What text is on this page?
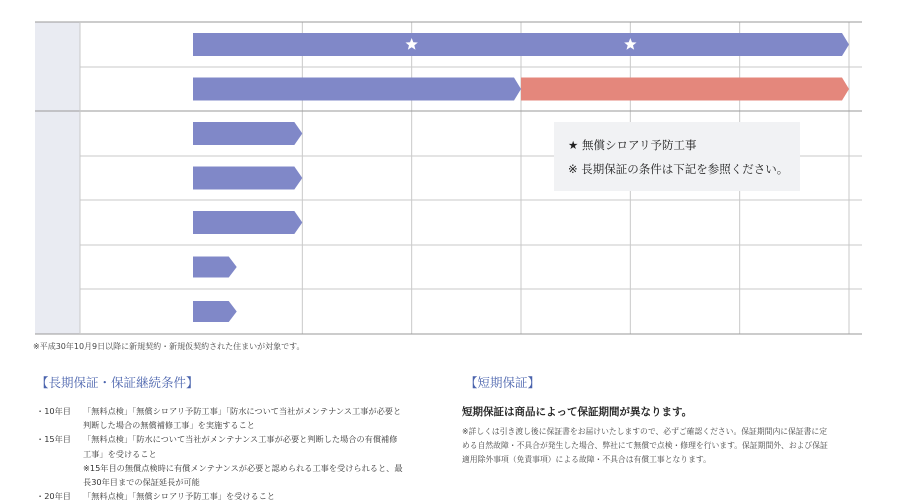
★ 無償シロアリ予防工事
※ 長期保証の条件は下記を参照ください。
※平成30年10月9日以降に新規契約・新規仮契約された住まいが対象です。
【長期保証・保証継続条件】
・10年目	「無料点検」「無償シロアリ予防工事」「防水について当社がメンテナンス工事が必要と
判断した場合の無償補修工事」を実施すること
・15年目	「無料点検」「防水について当社がメンテナンス工事が必要と判断した場合の有償補修
工事」を受けること
※15年目の無償点検時に有償メンテナンスが必要と認められる工事を受けられると、最
長30年目までの保証延長が可能
・20年目	「無料点検」「無償シロアリ予防工事」を受けること
【短期保証】
短期保証は商品によって保証期間が異なります。
※詳しくは引き渡し後に保証書をお届けいたしますので、必ずご確認ください。保証期間内に保証書に定
める自然故障・不具合が発生した場合、弊社にて無償で点検・修理を行います。保証期間外、および保証
適用除外事項（免責事項）による故障・不具合は有償工事となります。
